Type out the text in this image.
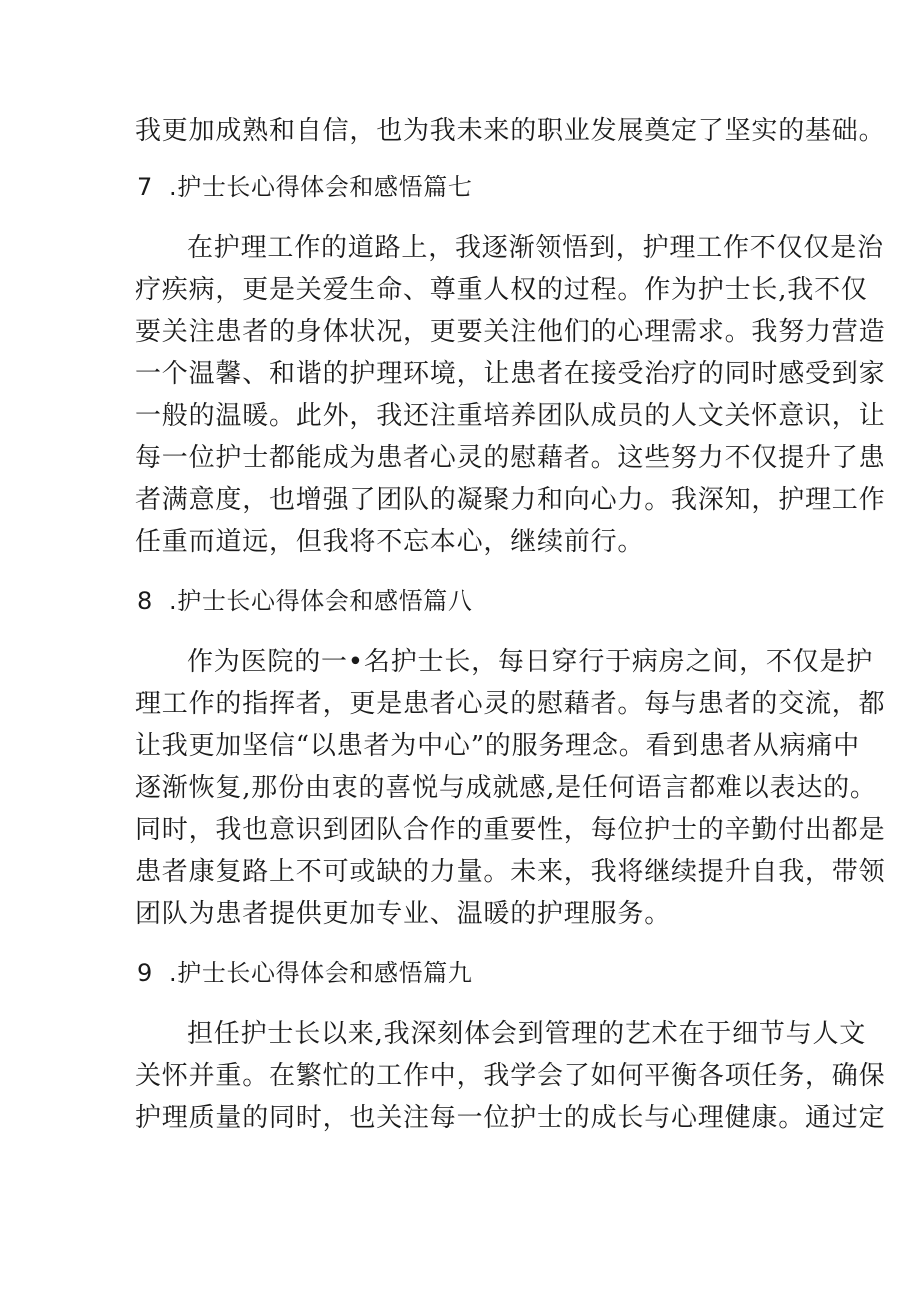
我更加成熟和自信，也为我未来的职业发展奠定了坚实的基础。
7 .护士长心得体会和感悟篇七
在护理工作的道路上，我逐渐领悟到，护理工作不仅仅是治
疗疾病，更是关爱生命、尊重人权的过程。作为护士长,我不仅
要关注患者的身体状况，更要关注他们的心理需求。我努力营造
一个温馨、和谐的护理环境，让患者在接受治疗的同时感受到家
一般的温暖。此外，我还注重培养团队成员的人文关怀意识，让
每一位护士都能成为患者心灵的慰藉者。这些努力不仅提升了患
者满意度，也增强了团队的凝聚力和向心力。我深知，护理工作
任重而道远，但我将不忘本心，继续前行。
8 .护士长心得体会和感悟篇八
作为医院的一•名护士长，每日穿行于病房之间，不仅是护
理工作的指挥者，更是患者心灵的慰藉者。每与患者的交流，都
让我更加坚信“以患者为中心”的服务理念。看到患者从病痛中
逐渐恢复,那份由衷的喜悦与成就感,是任何语言都难以表达的。
同时，我也意识到团队合作的重要性，每位护士的辛勤付出都是
患者康复路上不可或缺的力量。未来，我将继续提升自我，带领
团队为患者提供更加专业、温暖的护理服务。
9 .护士长心得体会和感悟篇九
担任护士长以来,我深刻体会到管理的艺术在于细节与人文
关怀并重。在繁忙的工作中，我学会了如何平衡各项任务，确保
护理质量的同时，也关注每一位护士的成长与心理健康。通过定
